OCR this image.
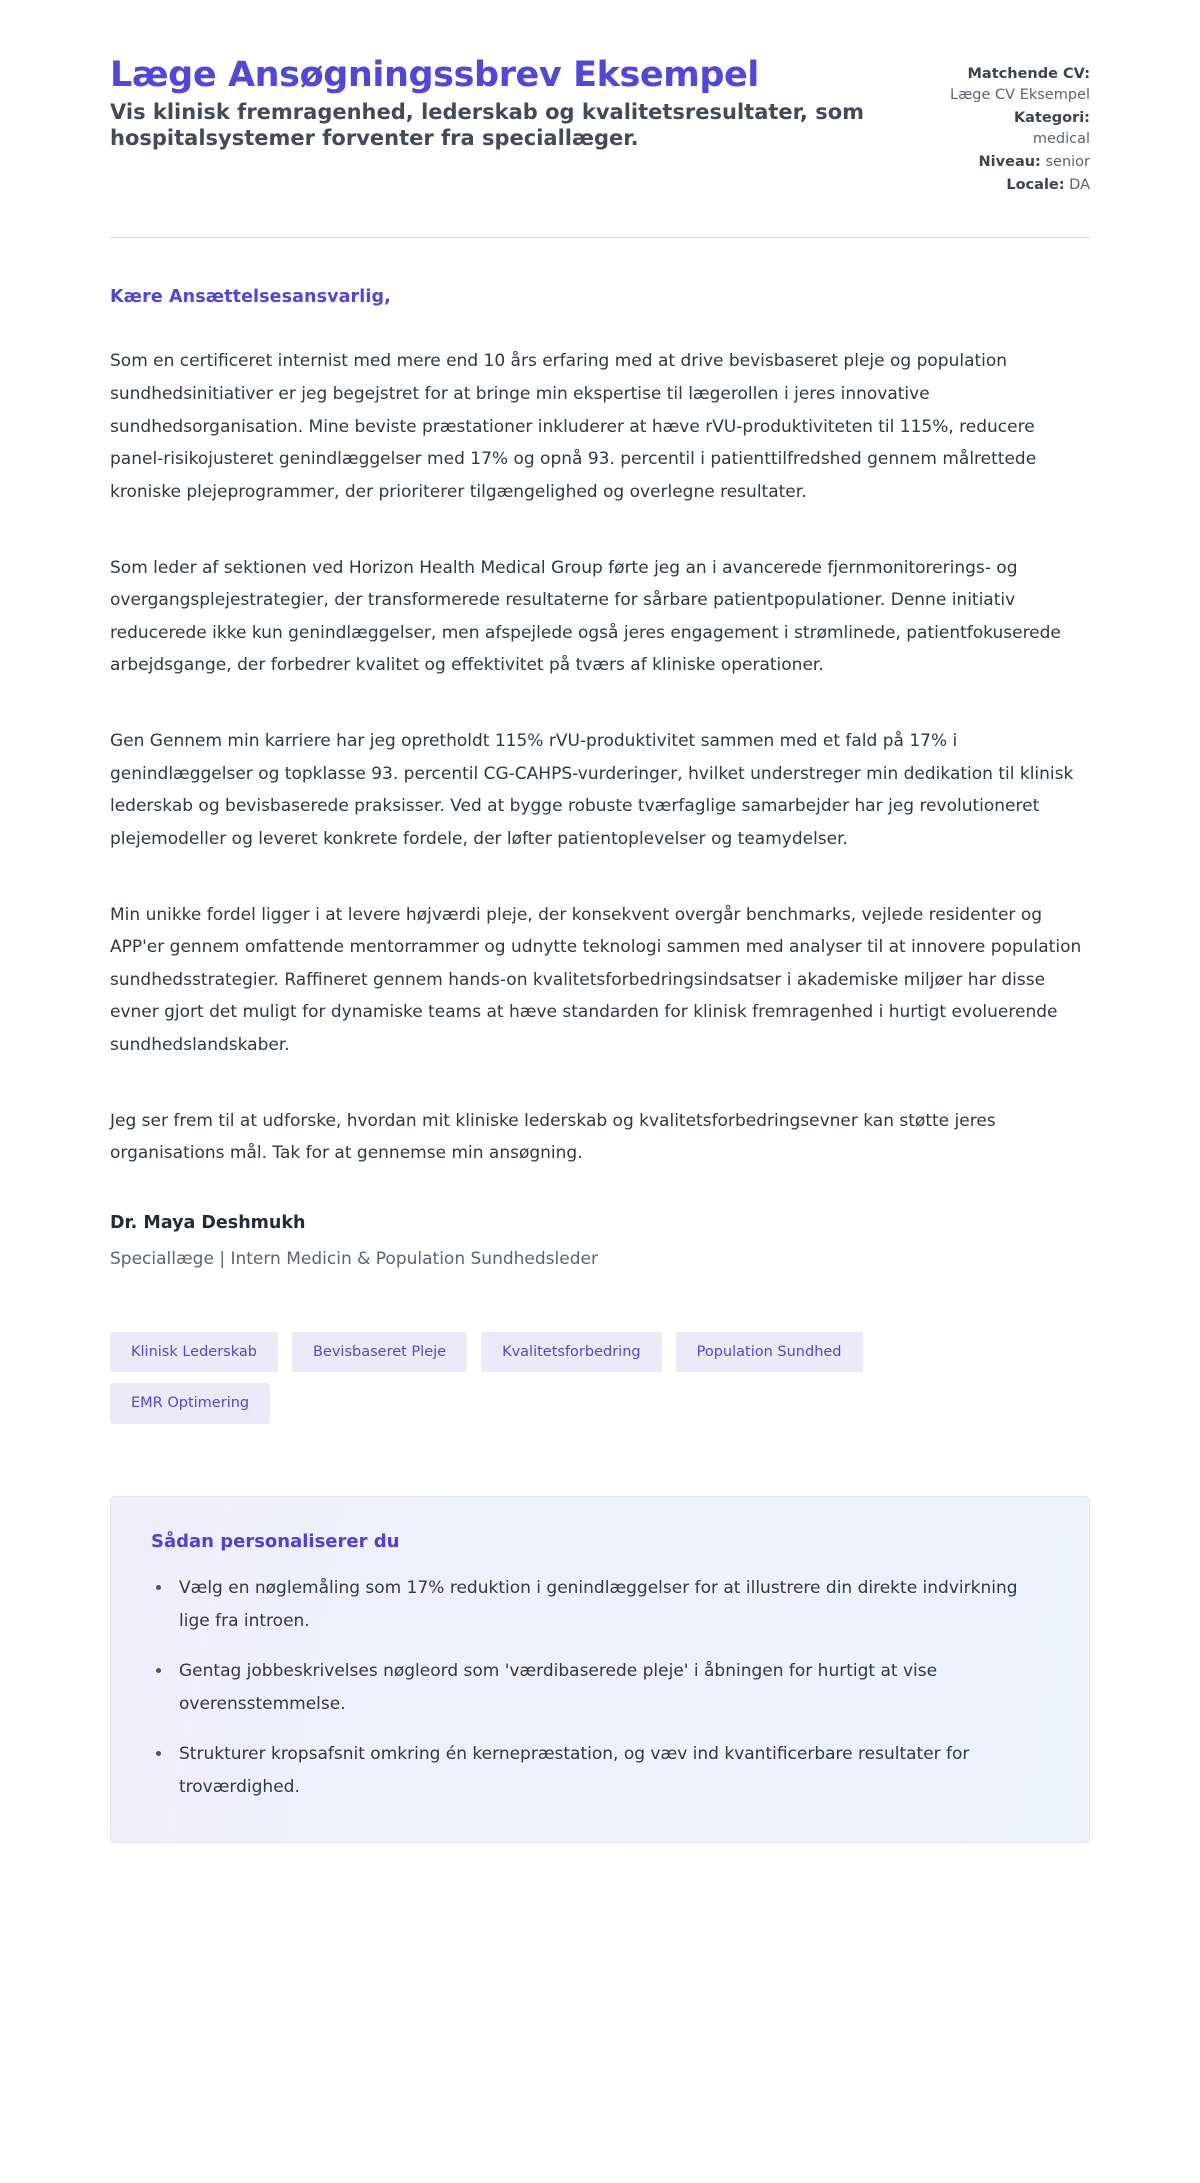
Læge Ansøgningssbrev Eksempel

Vis klinisk fremragenhed, lederskab og kvalitetsresultater, som hospitalsystemer forventer fra speciallæger.

Matchende CV:
Læge CV Eksempel
Kategori:
medical
Niveau: senior
Locale: DA

Kære Ansættelsesansvarlig,

Som en certificeret internist med mere end 10 års erfaring med at drive bevisbaseret pleje og population sundhedsinitiativer er jeg begejstret for at bringe min ekspertise til lægerollen i jeres innovative sundhedsorganisation. Mine beviste præstationer inkluderer at hæve rVU-produktiviteten til 115%, reducere panel-risikojusteret genindlæggelser med 17% og opnå 93. percentil i patienttilfredshed gennem målrettede kroniske plejeprogrammer, der prioriterer tilgængelighed og overlegne resultater.

Som leder af sektionen ved Horizon Health Medical Group førte jeg an i avancerede fjernmonitorerings- og overgangsplejestrategier, der transformerede resultaterne for sårbare patientpopulationer. Denne initiativ reducerede ikke kun genindlæggelser, men afspejlede også jeres engagement i strømlinede, patientfokuserede arbejdsgange, der forbedrer kvalitet og effektivitet på tværs af kliniske operationer.

Gen Gennem min karriere har jeg opretholdt 115% rVU-produktivitet sammen med et fald på 17% i genindlæggelser og topklasse 93. percentil CG-CAHPS-vurderinger, hvilket understreger min dedikation til klinisk lederskab og bevisbaserede praksisser. Ved at bygge robuste tværfaglige samarbejder har jeg revolutioneret plejemodeller og leveret konkrete fordele, der løfter patientoplevelser og teamydelser.

Min unikke fordel ligger i at levere højværdi pleje, der konsekvent overgår benchmarks, vejlede residenter og APP'er gennem omfattende mentorrammer og udnytte teknologi sammen med analyser til at innovere population sundhedsstrategier. Raffineret gennem hands-on kvalitetsforbedringsindsatser i akademiske miljøer har disse evner gjort det muligt for dynamiske teams at hæve standarden for klinisk fremragenhed i hurtigt evoluerende sundhedslandskaber.

Jeg ser frem til at udforske, hvordan mit kliniske lederskab og kvalitetsforbedringsevner kan støtte jeres organisations mål. Tak for at gennemse min ansøgning.

Dr. Maya Deshmukh

Speciallæge | Intern Medicin & Population Sundhedsleder

Klinisk Lederskab	Bevisbaseret Pleje	Kvalitetsforbedring	Population Sundhed
EMR Optimering
Sådan personaliserer du
• Vælg en nøglemåling som 17% reduktion i genindlæggelser for at illustrere din direkte indvirkning lige fra introen.
• Gentag jobbeskrivelses nøgleord som 'værdibaserede pleje' i åbningen for hurtigt at vise overensstemmelse.
• Strukturer kropsafsnit omkring én kernepræstation, og væv ind kvantificerbare resultater for troværdighed.
